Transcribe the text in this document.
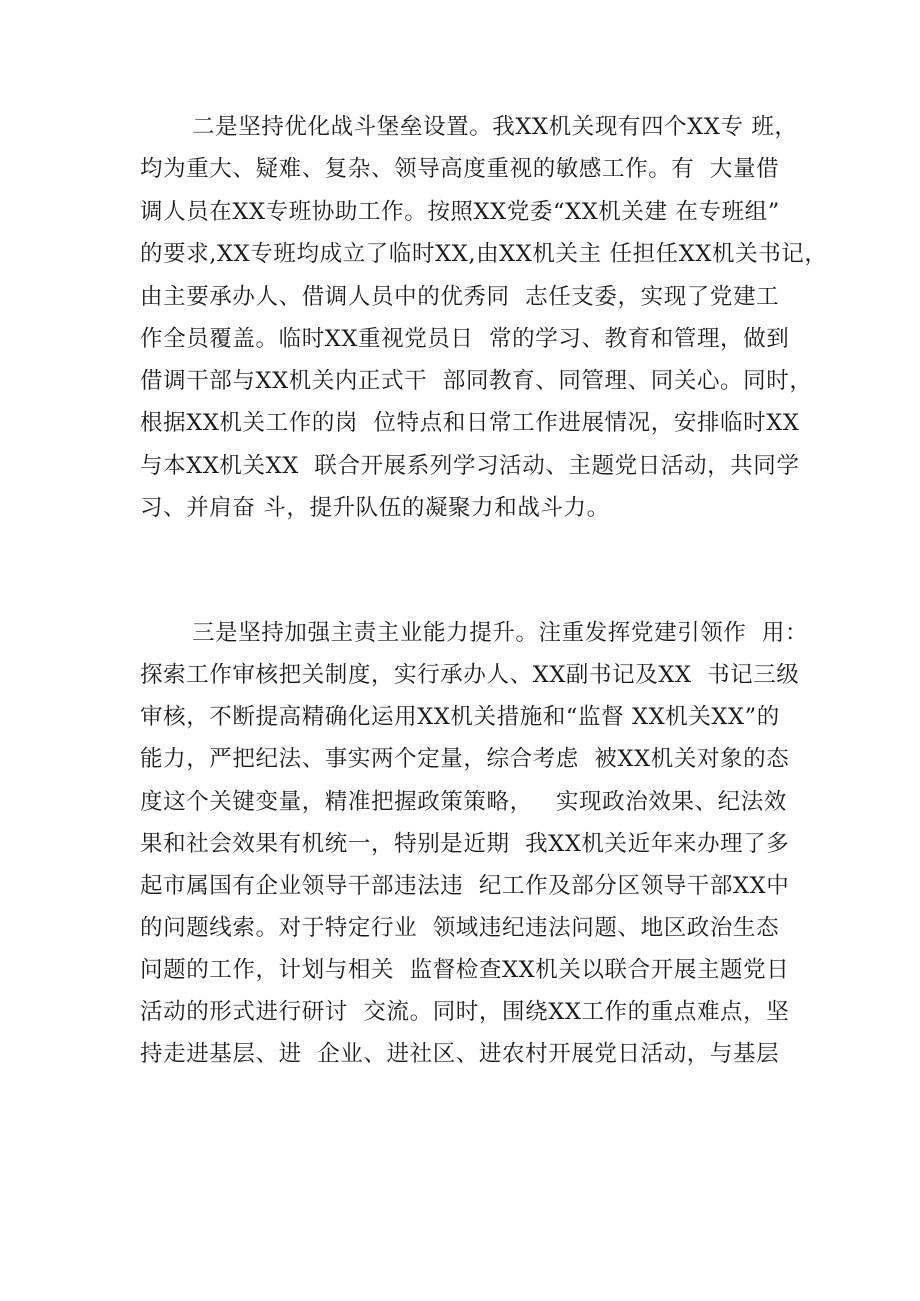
二是坚持优化战斗堡垒设置。我XX机关现有四个XX专 班，
均为重大、疑难、复杂、领导高度重视的敏感工作。有  大量借
调人员在XX专班协助工作。按照XX党委“XX机关建 在专班组”
的要求,XX专班均成立了临时XX,由XX机关主 任担任XX机关书记，
由主要承办人、借调人员中的优秀同  志任支委，实现了党建工
作全员覆盖。临时XX重视党员日  常的学习、教育和管理，做到
借调干部与XX机关内正式干  部同教育、同管理、同关心。同时，
根据XX机关工作的岗  位特点和日常工作进展情况，安排临时XX
与本XX机关XX  联合开展系列学习活动、主题党日活动，共同学
习、并肩奋 斗，提升队伍的凝聚力和战斗力。
三是坚持加强主责主业能力提升。注重发挥党建引领作  用：
探索工作审核把关制度，实行承办人、XX副书记及XX  书记三级
审核，不断提高精确化运用XX机关措施和“监督 XX机关XX”的
能力，严把纪法、事实两个定量，综合考虑  被XX机关对象的态
度这个关键变量，精准把握政策策略，   实现政治效果、纪法效
果和社会效果有机统一，特别是近期  我XX机关近年来办理了多
起市属国有企业领导干部违法违  纪工作及部分区领导干部XX中
的问题线索。对于特定行业  领域违纪违法问题、地区政治生态
问题的工作，计划与相关  监督检查XX机关以联合开展主题党日
活动的形式进行研讨  交流。同时，围绕XX工作的重点难点，坚
持走进基层、进  企业、进社区、进农村开展党日活动，与基层
